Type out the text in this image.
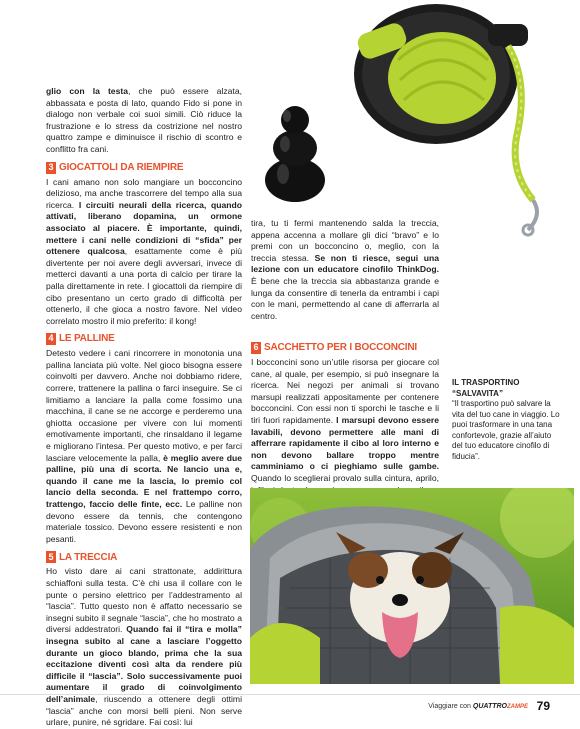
glio con la testa, che può essere alzata, abbassata e posta di lato, quando Fido si pone in dialogo non verbale coi suoi simili. Ciò riduce la frustrazione e lo stress da costrizione nel nostro quattro zampe e diminuisce il rischio di scontro e conflitto fra cani.

3 GIOCATTOLI DA RIEMPIRE

I cani amano non solo mangiare un bocconcino delizioso, ma anche trascorrere del tempo alla sua ricerca. I circuiti neurali della ricerca, quando attivati, liberano dopamina, un ormone associato al piacere. È importante, quindi, mettere i cani nelle condizioni di “sfida” per ottenere qualcosa, esattamente come è più divertente per noi avere degli avversari, invece di metterci davanti a una porta di calcio per tirare la palla direttamente in rete. I giocattoli da riempire di cibo presentano un certo grado di difficoltà per ottenerlo, il che gioca a nostro favore. Nel video correlato mostro il mio preferito: il kong!

4 LE PALLINE

Detesto vedere i cani rincorrere in monotonia una pallina lanciata più volte. Nel gioco bisogna essere coinvolti per davvero. Anche noi dobbiamo ridere, correre, trattenere la pallina o farci inseguire. Se ci limitiamo a lanciare la palla come fossimo una macchina, il cane se ne accorge e perderemo una ghiotta occasione per vivere con lui momenti emotivamente importanti, che rinsaldano il legame e migliorano l’intesa. Per questo motivo, e per farci lasciare velocemente la palla, è meglio avere due palline, più una di scorta. Ne lancio una e, quando il cane me la lascia, lo premio col lancio della seconda. E nel frattempo corro, trattengo, faccio delle finte, ecc. Le palline non devono essere da tennis, che contengono materiale tossico. Devono essere resistenti e non pesanti.

5 LA TRECCIA

Ho visto dare ai cani strattonate, addirittura schiaffoni sulla testa. C’è chi usa il collare con le punte o persino elettrico per l’addestramento al “lascia”. Tutto questo non è affatto necessario se insegni subito il segnale “lascia”, che ho mostrato a diversi addestratori. Quando fai il “tira e molla” insegna subito al cane a lasciare l’oggetto durante un gioco blando, prima che la sua eccitazione diventi così alta da rendere più difficile il “lascia”. Solo successivamente puoi aumentare il grado di coinvolgimento dell’animale, riuscendo a ottenere degli ottimi “lascia” anche con morsi belli pieni. Non serve urlare, punire, né sgridare. Fai così: lui

tira, tu ti fermi mantenendo salda la treccia, appena accenna a mollare gli dici “bravo” e lo premi con un bocconcino o, meglio, con la treccia stessa. Se non ti riesce, segui una lezione con un educatore cinofilo ThinkDog. È bene che la treccia sia abbastanza grande e lunga da consentire di tenerla da entrambi i capi con le mani, permettendo al cane di afferrarla al centro.

6 SACCHETTO PER I BOCCONCINI

I bocconcini sono un’utile risorsa per giocare col cane, al quale, per esempio, si può insegnare la ricerca. Nei negozi per animali si trovano marsupi realizzati appositamente per contenere bocconcini. Con essi non ti sporchi le tasche e li tiri fuori rapidamente. I marsupi devono essere lavabili, devono permettere alle mani di afferrare rapidamente il cibo al loro interno e non devono ballare troppo mentre camminiamo o ci pieghiamo sulle gambe. Quando lo sceglierai provalo sulla cintura, aprilo,

IL TRASPORTINO “SALVAVITA”
“Il trasportino può salvare la vita del tuo cane in viaggio. Lo puoi trasformare in una tana confortevole, grazie all’aiuto del tuo educatore cinofilo di fiducia”.
Viaggiare con QUATTROZAMPE 79
